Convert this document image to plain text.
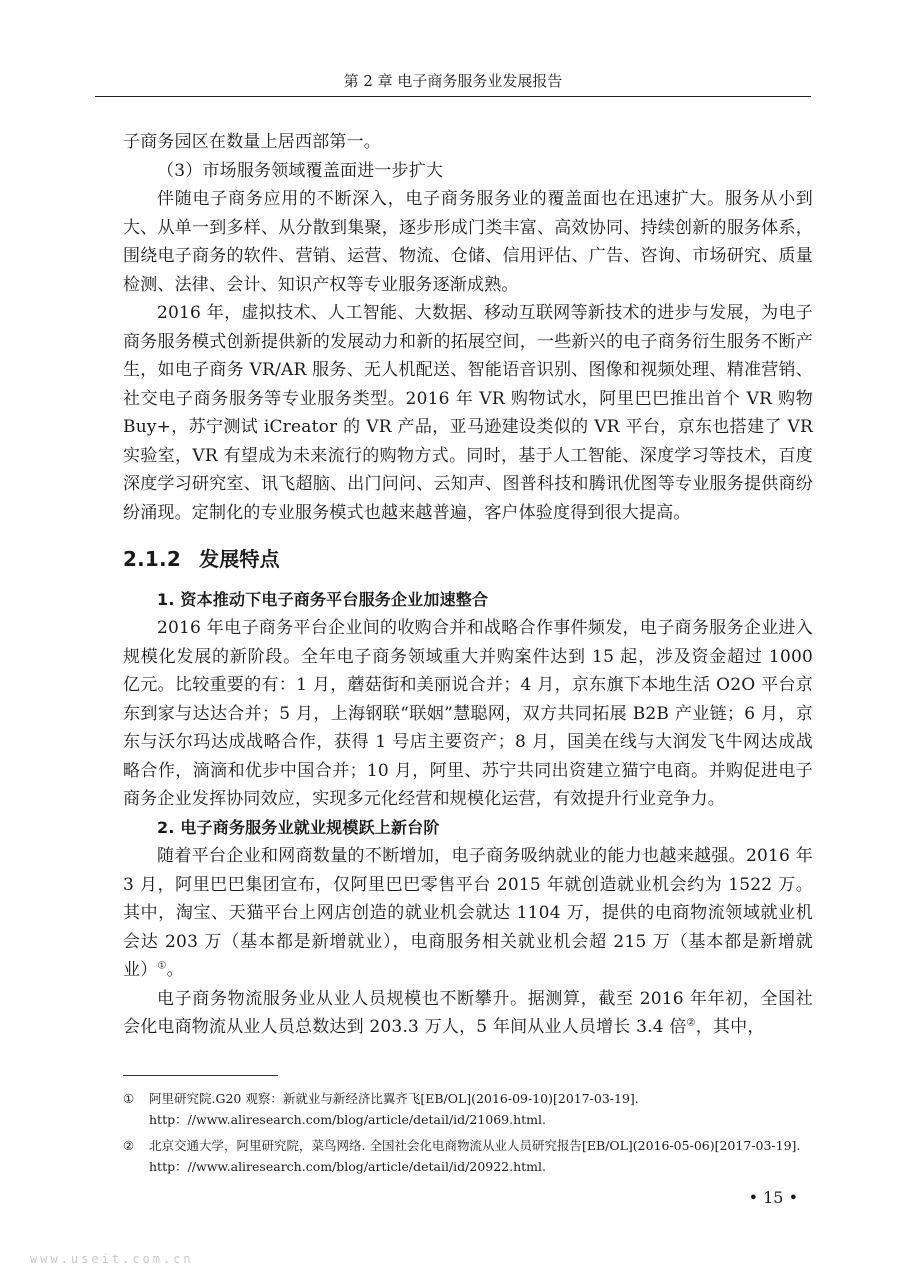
第 2 章 电子商务服务业发展报告

子商务园区在数量上居西部第一。

（3）市场服务领域覆盖面进一步扩大

伴随电子商务应用的不断深入，电子商务服务业的覆盖面也在迅速扩大。服务从小到大、从单一到多样、从分散到集聚，逐步形成门类丰富、高效协同、持续创新的服务体系，围绕电子商务的软件、营销、运营、物流、仓储、信用评估、广告、咨询、市场研究、质量检测、法律、会计、知识产权等专业服务逐渐成熟。

2016 年，虚拟技术、人工智能、大数据、移动互联网等新技术的进步与发展，为电子商务服务模式创新提供新的发展动力和新的拓展空间，一些新兴的电子商务衍生服务不断产生，如电子商务 VR/AR 服务、无人机配送、智能语音识别、图像和视频处理、精准营销、社交电子商务服务等专业服务类型。2016 年 VR 购物试水，阿里巴巴推出首个 VR 购物 Buy+，苏宁测试 iCreator 的 VR 产品，亚马逊建设类似的 VR 平台，京东也搭建了 VR 实验室，VR 有望成为未来流行的购物方式。同时，基于人工智能、深度学习等技术，百度深度学习研究室、讯飞超脑、出门问问、云知声、图普科技和腾讯优图等专业服务提供商纷纷涌现。定制化的专业服务模式也越来越普遍，客户体验度得到很大提高。

2.1.2 发展特点

1. 资本推动下电子商务平台服务企业加速整合

2016 年电子商务平台企业间的收购合并和战略合作事件频发，电子商务服务企业进入规模化发展的新阶段。全年电子商务领域重大并购案件达到 15 起，涉及资金超过 1000 亿元。比较重要的有：1 月，蘑菇街和美丽说合并；4 月，京东旗下本地生活 O2O 平台京东到家与达达合并；5 月，上海钢联“联姻”慧聪网，双方共同拓展 B2B 产业链；6 月，京东与沃尔玛达成战略合作，获得 1 号店主要资产；8 月，国美在线与大润发飞牛网达成战略合作，滴滴和优步中国合并；10 月，阿里、苏宁共同出资建立猫宁电商。并购促进电子商务企业发挥协同效应，实现多元化经营和规模化运营，有效提升行业竞争力。

2. 电子商务服务业就业规模跃上新台阶

随着平台企业和网商数量的不断增加，电子商务吸纳就业的能力也越来越强。2016 年 3 月，阿里巴巴集团宣布，仅阿里巴巴零售平台 2015 年就创造就业机会约为 1522 万。其中，淘宝、天猫平台上网店创造的就业机会就达 1104 万，提供的电商物流领域就业机会达 203 万（基本都是新增就业），电商服务相关就业机会超 215 万（基本都是新增就业）①。

电子商务物流服务业从业人员规模也不断攀升。据测算，截至 2016 年年初，全国社会化电商物流从业人员总数达到 203.3 万人，5 年间从业人员增长 3.4 倍②，其中，

① 阿里研究院.G20 观察：新就业与新经济比翼齐飞[EB/OL](2016-09-10)[2017-03-19]. http：//www.aliresearch.com/blog/article/detail/id/21069.html.
② 北京交通大学，阿里研究院，菜鸟网络. 全国社会化电商物流从业人员研究报告[EB/OL](2016-05-06)[2017-03-19]. http：//www.aliresearch.com/blog/article/detail/id/20922.html.
• 15 •
www.useit.com.cn
